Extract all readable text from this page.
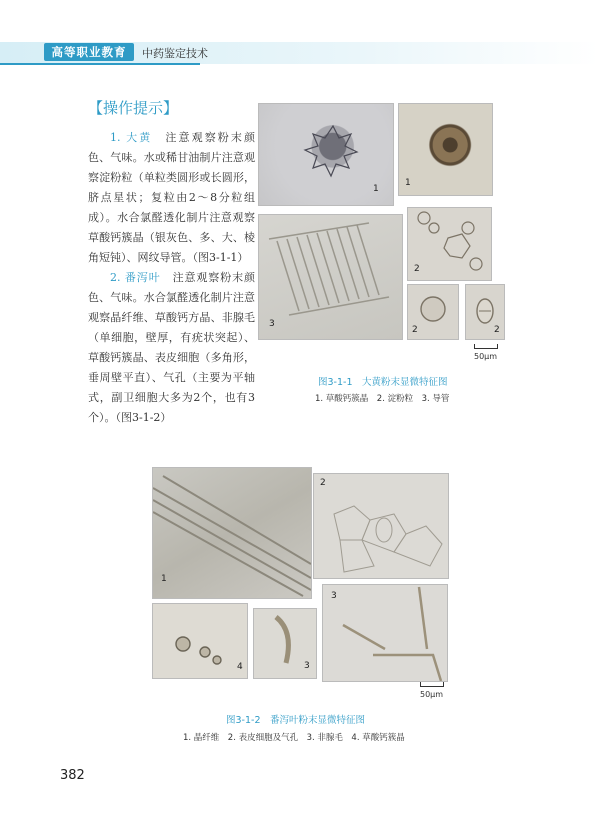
高等职业教育	中药鉴定技术
【操作提示】

1. 大黄　 注意观察粉末颜色、气味。水或稀甘油制片注意观察淀粉粒（单粒类圆形或长圆形，脐点星状；复粒由2～8分粒组成）。水合氯醛透化制片注意观察草酸钙簇晶（银灰色、多、大、棱角短钝）、网纹导管。（图3-1-1）

2. 番泻叶　 注意观察粉末颜色、气味。水合氯醛透化制片注意观察晶纤维、草酸钙方晶、非腺毛（单细胞，壁厚，有疣状突起）、草酸钙簇晶、表皮细胞（多角形，垂周壁平直）、气孔（主要为平轴式，副卫细胞大多为2个，也有3个）。（图3-1-2）

1
1
2
3
2	2
50μm
图3-1-1　大黄粉末显微特征图
1. 草酸钙簇晶　2. 淀粉粒　3. 导管
1
2
4	3
3
50μm
图3-1-2　番泻叶粉末显微特征图
1. 晶纤维　2. 表皮细胞及气孔　3. 非腺毛　4. 草酸钙簇晶
382
